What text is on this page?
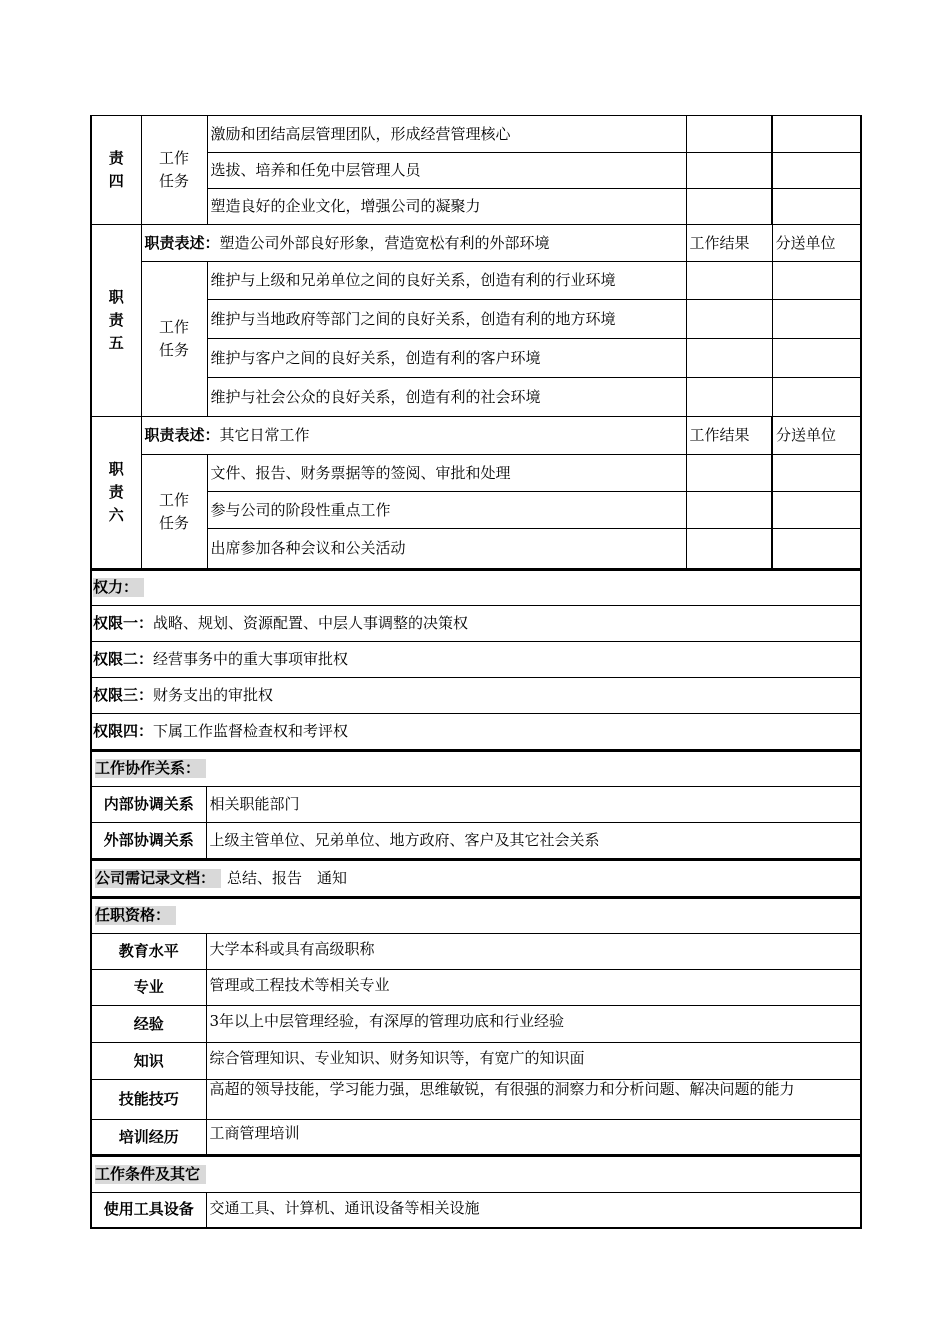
责四	工作任务	激励和团结高层管理团队，形成经营管理核心		
		选拔、培养和任免中层管理人员		
		塑造良好的企业文化，增强公司的凝聚力		
职责五	职责表述：塑造公司外部良好形象，营造宽松有利的外部环境		工作结果	分送单位
	工作任务	维护与上级和兄弟单位之间的良好关系，创造有利的行业环境		
		维护与当地政府等部门之间的良好关系，创造有利的地方环境		
		维护与客户之间的良好关系，创造有利的客户环境		
		维护与社会公众的良好关系，创造有利的社会环境		
职责六	职责表述：其它日常工作		工作结果	分送单位
	工作任务	文件、报告、财务票据等的签阅、审批和处理		
		参与公司的阶段性重点工作		
		出席参加各种会议和公关活动		
权力：
权限一：战略、规划、资源配置、中层人事调整的决策权
权限二：经营事务中的重大事项审批权
权限三：财务支出的审批权
权限四：下属工作监督检查权和考评权
工作协作关系：	
内部协调关系	相关职能部门
外部协调关系	上级主管单位、兄弟单位、地方政府、客户及其它社会关系
公司需记录文档： 总结、报告　通知
任职资格：	
教育水平	大学本科或具有高级职称
专业	管理或工程技术等相关专业
经验	3年以上中层管理经验，有深厚的管理功底和行业经验
知识	综合管理知识、专业知识、财务知识等，有宽广的知识面
技能技巧	高超的领导技能，学习能力强，思维敏锐，有很强的洞察力和分析问题、解决问题的能力
培训经历	工商管理培训
工作条件及其它
使用工具设备	交通工具、计算机、通讯设备等相关设施
